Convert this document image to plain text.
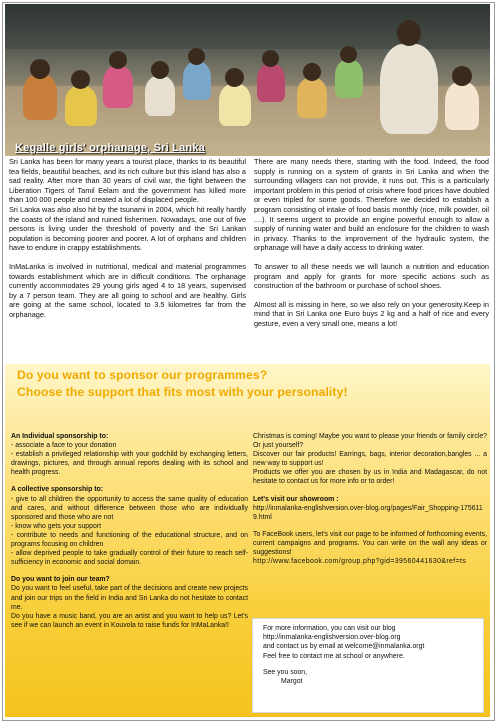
Kegalle girls' orphanage, Sri Lanka

Sri Lanka has been for many years a tourist place, thanks to its beautiful tea fields, beautiful beaches, and its rich culture but this island has also a sad reality. After more than 30 years of civil war, the fight between the Liberation Tigers of Tamil Eelam and the government has killed more than 100 000 people and created a lot of displaced people.

Sri Lanka was also also hit by the tsunami in 2004, which hit really hardly the coasts of the island and ruined fishermen. Nowadays, one out of five persons is living under the threshold of poverty and the Sri Lankan population is becoming poorer and poorer. A lot of orphans and children have to endure in crappy establishments.

InMaLanka is involved in nutritional, medical and material programmes towards establishment which are in difficult conditions. The orphanage currently accommodates 29 young girls aged 4 to 18 years, supervised by a 7 person team. They are all going to school and are healthy. Girls are going at the same school, located to 3.5 kilometres far from the orphanage.

There are many needs there, starting with the food. Indeed, the food supply is running on a system of grants in Sri Lanka and when the surrounding villagers can not provide, it runs out. This is a particularly important problem in this period of crisis where food prices have doubled or even tripled for some goods. Therefore we decided to establish a program consisting of intake of food basis monthly (rice, milk powder, oil ....). It seems urgent to provide an engine powerful enough to allow a supply of running water and build an enclosure for the children to wash in privacy. Thanks to the improvement of the hydraulic system, the orphanage will have a daily access to drinking water.

To answer to all these needs we will launch a nutrition and education program and apply for grants for more specific actions such as construction of the bathroom or purchase of school shoes.

Almost all is missing in here, so we also rely on your generosity.Keep in mind that in Sri Lanka one Euro buys 2 kg and a half of rice and every gesture, even a very small one, means a lot!

Do you want to sponsor our programmes?
Choose the support that fits most with your personality!
An Individual sponsorship to:
- associate a face to your donation
- establish a privileged relationship with your godchild by exchanging letters, drawings, pictures, and through annual reports dealing with its school and health progress.
A collective sponsorship to:
- give to all children the opportunity to access the same quality of education and cares, and without difference between those who are individually sponsored and those who are not
- know who gets your support
- contribute to needs and functioning of the educational structure, and on programs focusing on children
- allow deprived people to take gradually control of their future to reach self-sufficiency in economic and social domain.
Do you want to join our team?
Do you want to feel useful, take part of the decisions and create new projects and join our trips on the field in India and Sri Lanka do not hesitate to contact me.
Do you have a music band, you are an artist and you want to help us? Let's see if we can launch an event in Kouvola to raise funds for InMaLanka!!
Christmas is coming! Maybe you want to please your friends or family circle? Or just yourself?
Discover our fair products! Earrings, bags, interior decoration,bangles ... a new way to support us!
Products we offer you are chosen by us in India and Madagascar, do not hesitate to contact us for more info or to order!
Let's visit our showroom :
http://inmalanka-englishversion.over-blog.org/pages/Fair_Shopping-1756119.html
To FaceBook users, let's visit our page to be informed of forthcoming events, current campaigns and programs. You can write on the wall any ideas or suggestions!
http://www.facebook.com/group.php?gid=39560441630&ref=ts
For more information, you can visit our blog
http://inmalanka-englishversion.over-blog.org
and contact us by email at welcome@inmalanka.orgt
Feel free to contact me at school or anywhere.
See you soon,
Margot
